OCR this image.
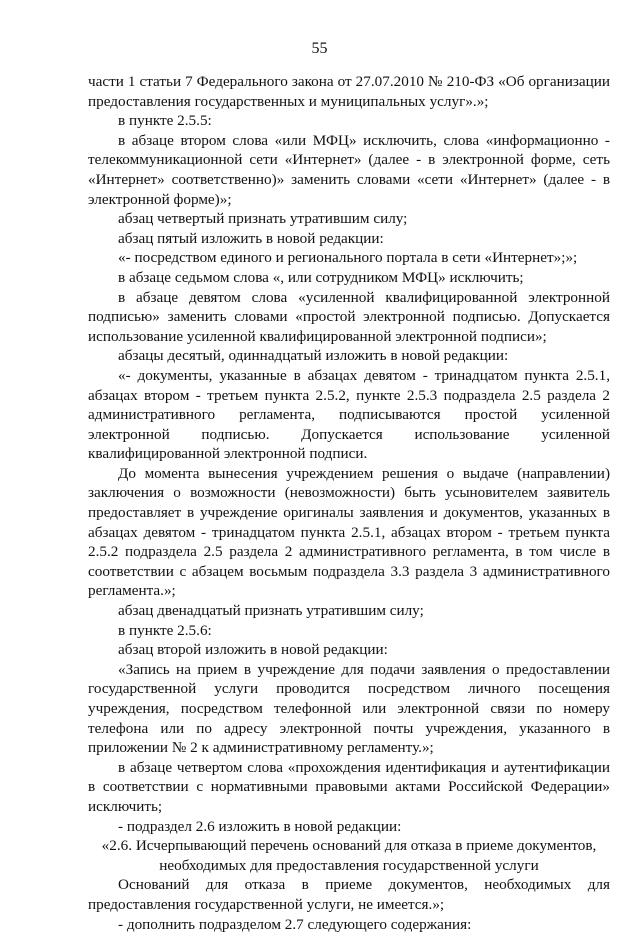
55

части 1 статьи 7 Федерального закона от 27.07.2010 № 210-ФЗ «Об организации предоставления государственных и муниципальных услуг».»;

в пункте 2.5.5:

в абзаце втором слова «или МФЦ» исключить, слова «информационно - телекоммуникационной сети «Интернет» (далее - в электронной форме, сеть «Интернет» соответственно)» заменить словами «сети «Интернет» (далее - в электронной форме)»;

абзац четвертый признать утратившим силу;

абзац пятый изложить в новой редакции:

«- посредством единого и регионального портала в сети «Интернет»;»;

в абзаце седьмом слова «, или сотрудником МФЦ» исключить;

в абзаце девятом слова «усиленной квалифицированной электронной подписью» заменить словами «простой электронной подписью. Допускается использование усиленной квалифицированной электронной подписи»;

абзацы десятый, одиннадцатый изложить в новой редакции:

«- документы, указанные в абзацах девятом - тринадцатом пункта 2.5.1, абзацах втором - третьем пункта 2.5.2, пункте 2.5.3 подраздела 2.5 раздела 2 административного регламента, подписываются простой усиленной электронной подписью. Допускается использование усиленной квалифицированной электронной подписи.

До момента вынесения учреждением решения о выдаче (направлении) заключения о возможности (невозможности) быть усыновителем заявитель предоставляет в учреждение оригиналы заявления и документов, указанных в абзацах девятом - тринадцатом пункта 2.5.1, абзацах втором - третьем пункта 2.5.2 подраздела 2.5 раздела 2 административного регламента, в том числе в соответствии с абзацем восьмым подраздела 3.3 раздела 3 административного регламента.»;

абзац двенадцатый признать утратившим силу;

в пункте 2.5.6:

абзац второй изложить в новой редакции:

«Запись на прием в учреждение для подачи заявления о предоставлении государственной услуги проводится посредством личного посещения учреждения, посредством телефонной или электронной связи по номеру телефона или по адресу электронной почты учреждения, указанного в приложении № 2 к административному регламенту.»;

в абзаце четвертом слова «прохождения идентификация и аутентификации в соответствии с нормативными правовыми актами Российской Федерации» исключить;

- подраздел 2.6 изложить в новой редакции:

«2.6. Исчерпывающий перечень оснований для отказа в приеме документов, необходимых для предоставления государственной услуги

Оснований для отказа в приеме документов, необходимых для предоставления государственной услуги, не имеется.»;

- дополнить подразделом 2.7 следующего содержания:
